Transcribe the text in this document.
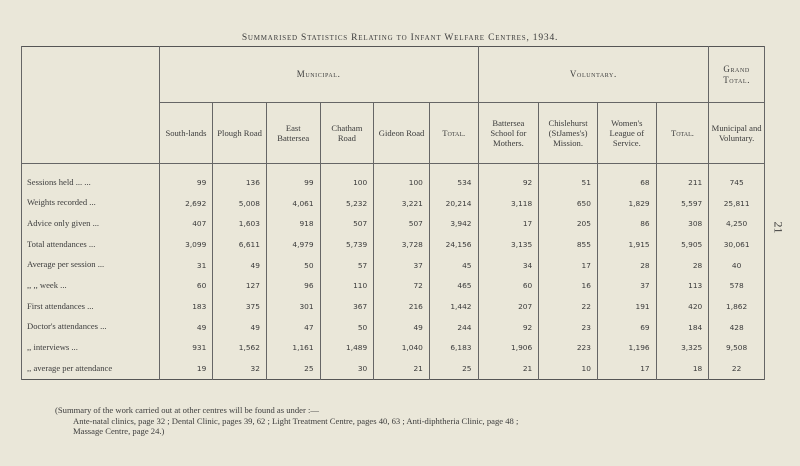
Summarised Statistics Relating to Infant Welfare Centres, 1934.
21
	Municipal.						Voluntary.				Grand Total.
	South-lands	Plough Road	East Battersea	Chatham Road	Gideon Road	Total.	Battersea School for Mothers.	Chislehurst (StJames's) Mission.	Women's League of Service.	Total.	Municipal and Voluntary.
Sessions held ... ...	99	136	99	100	100	534	92	51	68	211	745
Weights recorded ...	2,692	5,008	4,061	5,232	3,221	20,214	3,118	650	1,829	5,597	25,811
Advice only given ...	407	1,603	918	507	507	3,942	17	205	86	308	4,250
Total attendances ...	3,099	6,611	4,979	5,739	3,728	24,156	3,135	855	1,915	5,905	30,061
Average per session ...	31	49	50	57	37	45	34	17	28	28	40
,, ,, week ...	60	127	96	110	72	465	60	16	37	113	578
First attendances ...	183	375	301	367	216	1,442	207	22	191	420	1,862
Doctor's attendances ...	49	49	47	50	49	244	92	23	69	184	428
,, interviews ...	931	1,562	1,161	1,489	1,040	6,183	1,906	223	1,196	3,325	9,508
,, average per attendance	19	32	25	30	21	25	21	10	17	18	22
(Summary of the work carried out at other centres will be found as under :—
Ante-natal clinics, page 32 ; Dental Clinic, pages 39, 62 ; Light Treatment Centre, pages 40, 63 ; Anti-diphtheria Clinic, page 48 ;
Massage Centre, page 24.)
